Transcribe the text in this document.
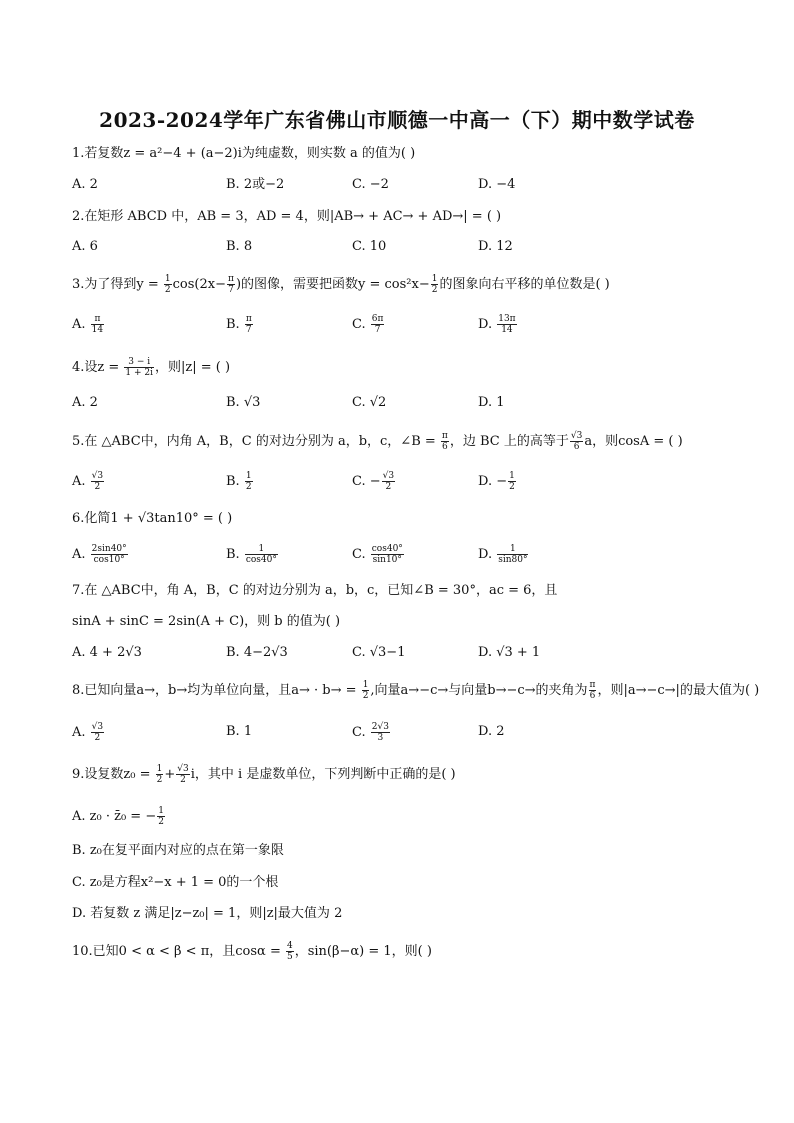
2023-2024学年广东省佛山市顺德一中高一（下）期中数学试卷
1.若复数z = a²−4 + (a−2)i为纯虚数，则实数 a 的值为( )
A. 2	B. 2或−2	C. −2	D. −4
2.在矩形 ABCD 中，AB = 3，AD = 4，则|AB→ + AC→ + AD→| = ( )
A. 6	B. 8	C. 10	D. 12
3.为了得到$y = \frac{1}{2} \cos(2x- \frac{\pi}{7}$ )的图像，需要把函数$y = \cos^2x- \frac{1}{2}$ 的图象向右平移的单位数是( )
A. $\frac{\pi}{14}$	B. $\frac{\pi}{7}$	C. $\frac{6\pi}{7}$	D. $\frac{13\pi}{14}$
4.设$z = \frac{3 - i}{1 + 2i}$ ，则|z| = ( )
A. 2	B. √3	C. √2	D. 1
5.在 △ABC中，内角 A，B，C 的对边分别为 a，b，c，∠B = $\frac{\pi}{6}$ ，边 BC 上的高等于 $\frac{√3}{6}$ a，则cosA = ( )
A. $\frac{√3}{2}$	B. $\frac{1}{2}$	C. − $\frac{√3}{2}$	D. − $\frac{1}{2}$
6.化简1 + √3tan10° = ( )
A. $\frac{2\sin 40^\circ}{\cos 10^\circ}$	B. $\frac{1}{\cos 40^\circ}$	C. $\frac{\cos 40^\circ}{\sin 10^\circ}$	D. $\frac{1}{\sin 80^\circ}$
7.在 △ABC中，角 A，B，C 的对边分别为 a，b，c，已知∠B = 30°，ac = 6，且
sinA + sinC = 2sin(A + C)，则 b 的值为( )
A. 4 + 2√3	B. 4−2√3	C. √3−1	D. √3 + 1
8.已知向量a→，b→均为单位向量，且$a\to \cdot b\to = \frac{1}{2}$ ,向量a→−c→与向量b→−c→的夹角为 $\frac{\pi}{6}$ ，则|a→−c→|的最大值为( )
A. $\frac{√3}{2}$	B. 1	C. $\frac{2√3}{3}$	D. 2
9.设复数$z_0 = \frac{1}{2} + \frac{√3}{2}$ i，其中 i 是虚数单位，下列判断中正确的是( )
A. z₀ · z̄₀ = − $\frac{1}{2}$
B. z₀在复平面内对应的点在第一象限
C. z₀是方程x²−x + 1 = 0的一个根
D. 若复数 z 满足|z−z₀| = 1，则|z|最大值为 2
10.已知0 < α < β < π，且$\cos\alpha = \frac{4}{5}$ ，sin(β−α) = 1，则( )
